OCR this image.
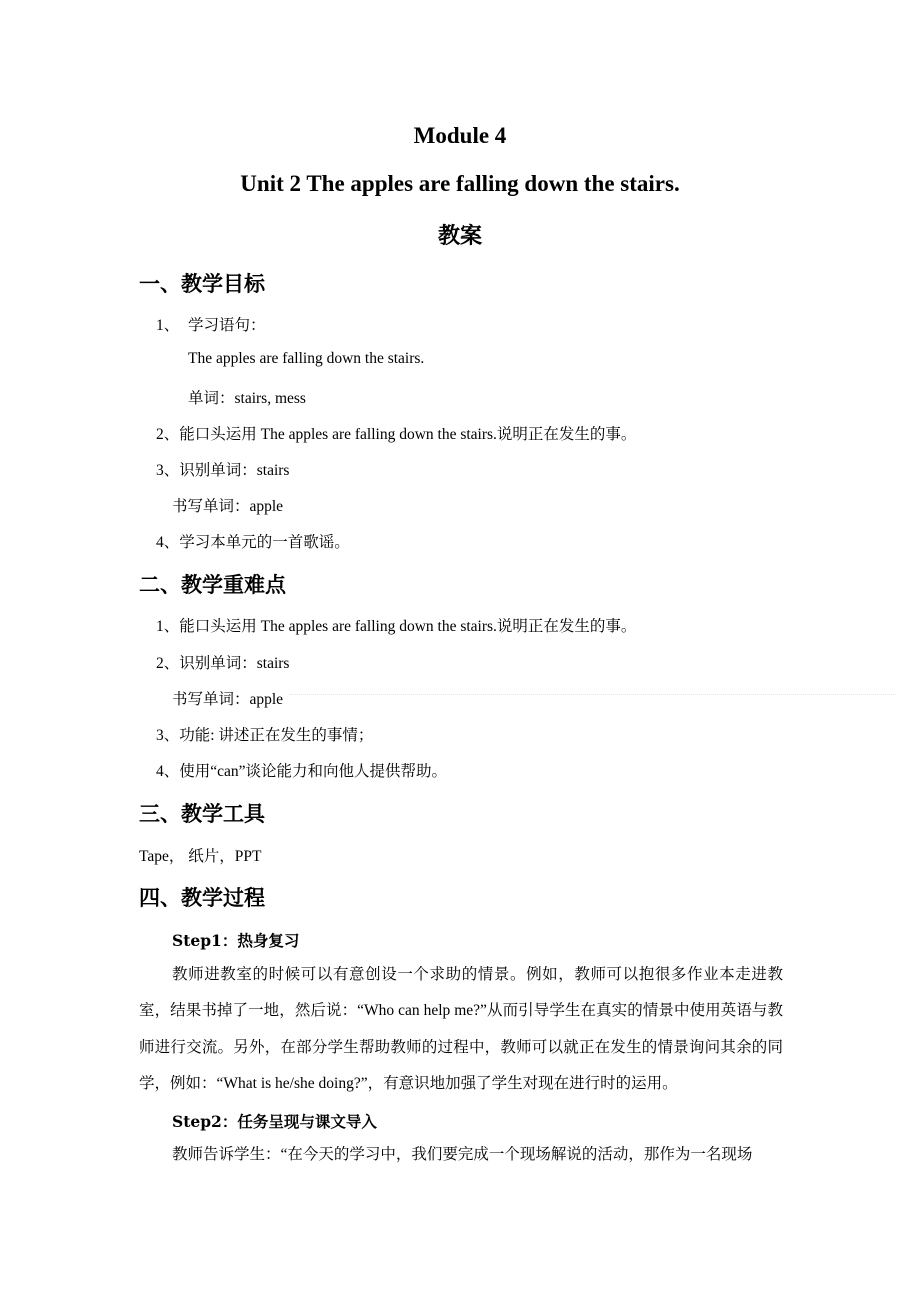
Module 4
Unit 2 The apples are falling down the stairs.
教案
一、教学目标
1、 学习语句：
The apples are falling down the stairs.
单词：stairs, mess
2、能口头运用 The apples are falling down the stairs.说明正在发生的事。
3、识别单词：stairs
书写单词：apple
4、学习本单元的一首歌谣。
二、教学重难点
1、能口头运用 The apples are falling down the stairs.说明正在发生的事。
2、识别单词：stairs
书写单词：apple
3、功能: 讲述正在发生的事情；
4、使用“can”谈论能力和向他人提供帮助。
三、教学工具
Tape， 纸片，PPT
四、教学过程
Step1：热身复习
教师进教室的时候可以有意创设一个求助的情景。例如，教师可以抱很多作业本走进教室，结果书掉了一地，然后说：“Who can help me?”从而引导学生在真实的情景中使用英语与教师进行交流。另外，在部分学生帮助教师的过程中，教师可以就正在发生的情景询问其余的同学，例如：“What is he/she doing?”，有意识地加强了学生对现在进行时的运用。
Step2：任务呈现与课文导入
教师告诉学生：“在今天的学习中，我们要完成一个现场解说的活动，那作为一名现场
